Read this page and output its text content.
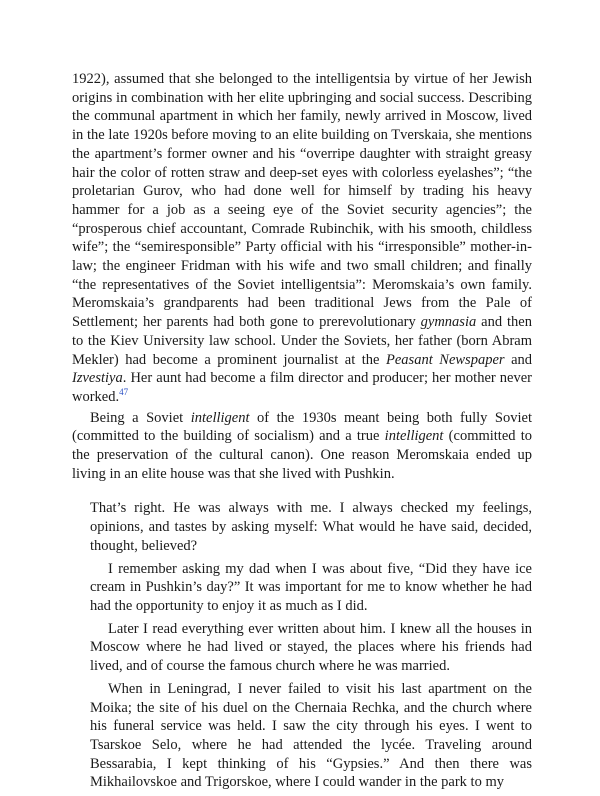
1922), assumed that she belonged to the intelligentsia by virtue of her Jewish origins in combination with her elite upbringing and social success. Describing the communal apartment in which her family, newly arrived in Moscow, lived in the late 1920s before moving to an elite building on Tverskaia, she mentions the apartment’s former owner and his “overripe daughter with straight greasy hair the color of rotten straw and deep-set eyes with colorless eyelashes”; “the proletarian Gurov, who had done well for himself by trading his heavy hammer for a job as a seeing eye of the Soviet security agencies”; the “prosperous chief accountant, Comrade Rubinchik, with his smooth, childless wife”; the “semiresponsible” Party official with his “irresponsible” mother-in-law; the engineer Fridman with his wife and two small children; and finally “the representatives of the Soviet intelligentsia”: Meromskaia’s own family. Meromskaia’s grandparents had been traditional Jews from the Pale of Settlement; her parents had both gone to prerevolutionary gymnasia and then to the Kiev University law school. Under the Soviets, her father (born Abram Mekler) had become a prominent journalist at the Peasant Newspaper and Izvestiya. Her aunt had become a film director and producer; her mother never worked.$^{47}$

Being a Soviet intelligent of the 1930s meant being both fully Soviet (committed to the building of socialism) and a true intelligent (committed to the preservation of the cultural canon). One reason Meromskaia ended up living in an elite house was that she lived with Pushkin.

That’s right. He was always with me. I always checked my feelings, opinions, and tastes by asking myself: What would he have said, decided, thought, believed?

I remember asking my dad when I was about five, “Did they have ice cream in Pushkin’s day?” It was important for me to know whether he had had the opportunity to enjoy it as much as I did.

Later I read everything ever written about him. I knew all the houses in Moscow where he had lived or stayed, the places where his friends had lived, and of course the famous church where he was married.

When in Leningrad, I never failed to visit his last apartment on the Moika; the site of his duel on the Chernaia Rechka, and the church where his funeral service was held. I saw the city through his eyes. I went to Tsarskoe Selo, where he had attended the lycée. Traveling around Bessarabia, I kept thinking of his “Gypsies.” And then there was Mikhailovskoe and Trigorskoe, where I could wander in the park to my
